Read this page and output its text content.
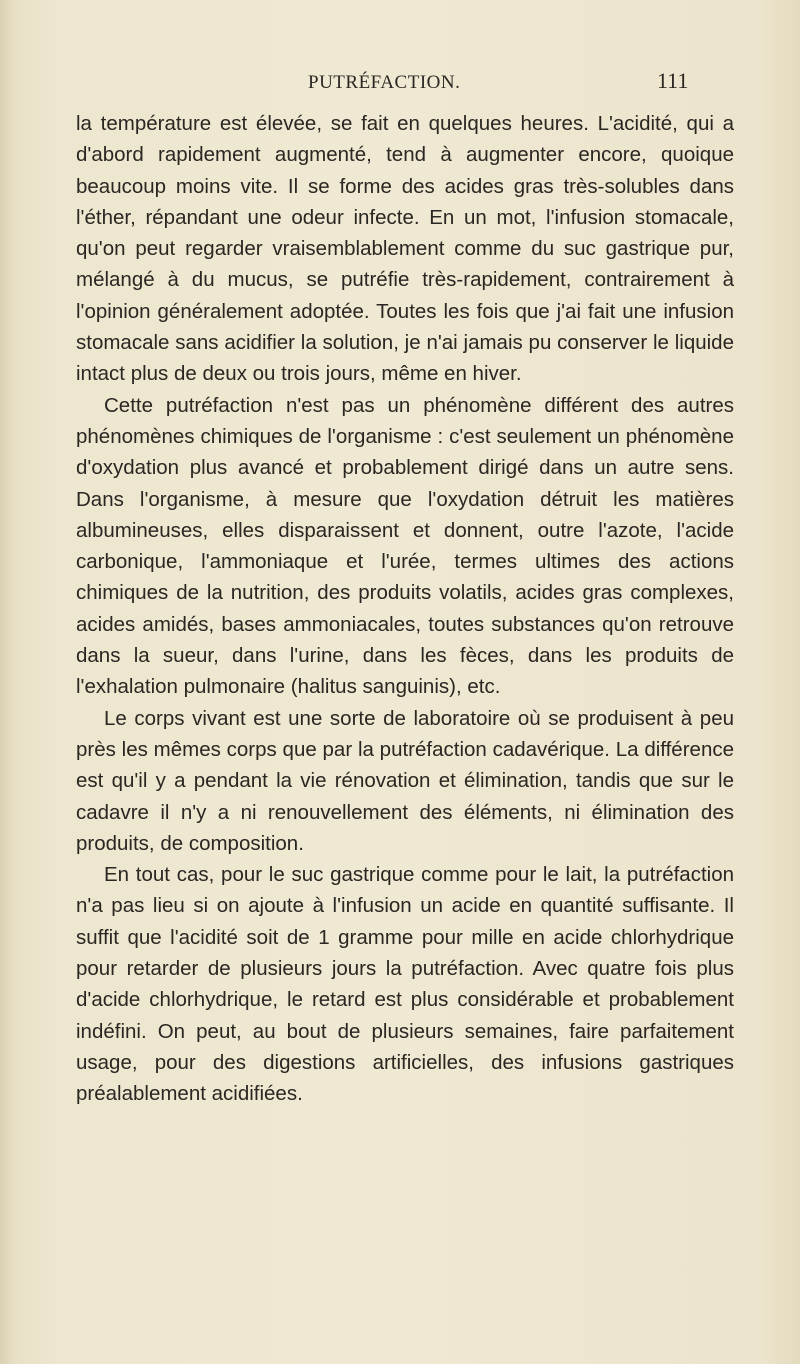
PUTRÉFACTION.	111

la température est élevée, se fait en quelques heures. L'acidité, qui a d'abord rapidement augmenté, tend à augmenter encore, quoique beaucoup moins vite. Il se forme des acides gras très-solubles dans l'éther, répandant une odeur infecte. En un mot, l'infusion stomacale, qu'on peut regarder vraisemblablement comme du suc gastrique pur, mélangé à du mucus, se putréfie très-rapidement, contrairement à l'opinion généralement adoptée. Toutes les fois que j'ai fait une infusion stomacale sans acidifier la solution, je n'ai jamais pu conserver le liquide intact plus de deux ou trois jours, même en hiver.

Cette putréfaction n'est pas un phénomène différent des autres phénomènes chimiques de l'organisme : c'est seulement un phénomène d'oxydation plus avancé et probablement dirigé dans un autre sens. Dans l'organisme, à mesure que l'oxydation détruit les matières albumineuses, elles disparaissent et donnent, outre l'azote, l'acide carbonique, l'ammoniaque et l'urée, termes ultimes des actions chimiques de la nutrition, des produits volatils, acides gras complexes, acides amidés, bases ammoniacales, toutes substances qu'on retrouve dans la sueur, dans l'urine, dans les fèces, dans les produits de l'exhalation pulmonaire (halitus sanguinis), etc.

Le corps vivant est une sorte de laboratoire où se produisent à peu près les mêmes corps que par la putréfaction cadavérique. La différence est qu'il y a pendant la vie rénovation et élimination, tandis que sur le cadavre il n'y a ni renouvellement des éléments, ni élimination des produits, de composition.

En tout cas, pour le suc gastrique comme pour le lait, la putréfaction n'a pas lieu si on ajoute à l'infusion un acide en quantité suffisante. Il suffit que l'acidité soit de 1 gramme pour mille en acide chlorhydrique pour retarder de plusieurs jours la putréfaction. Avec quatre fois plus d'acide chlorhydrique, le retard est plus considérable et probablement indéfini. On peut, au bout de plusieurs semaines, faire parfaitement usage, pour des digestions artificielles, des infusions gastriques préalablement acidifiées.
